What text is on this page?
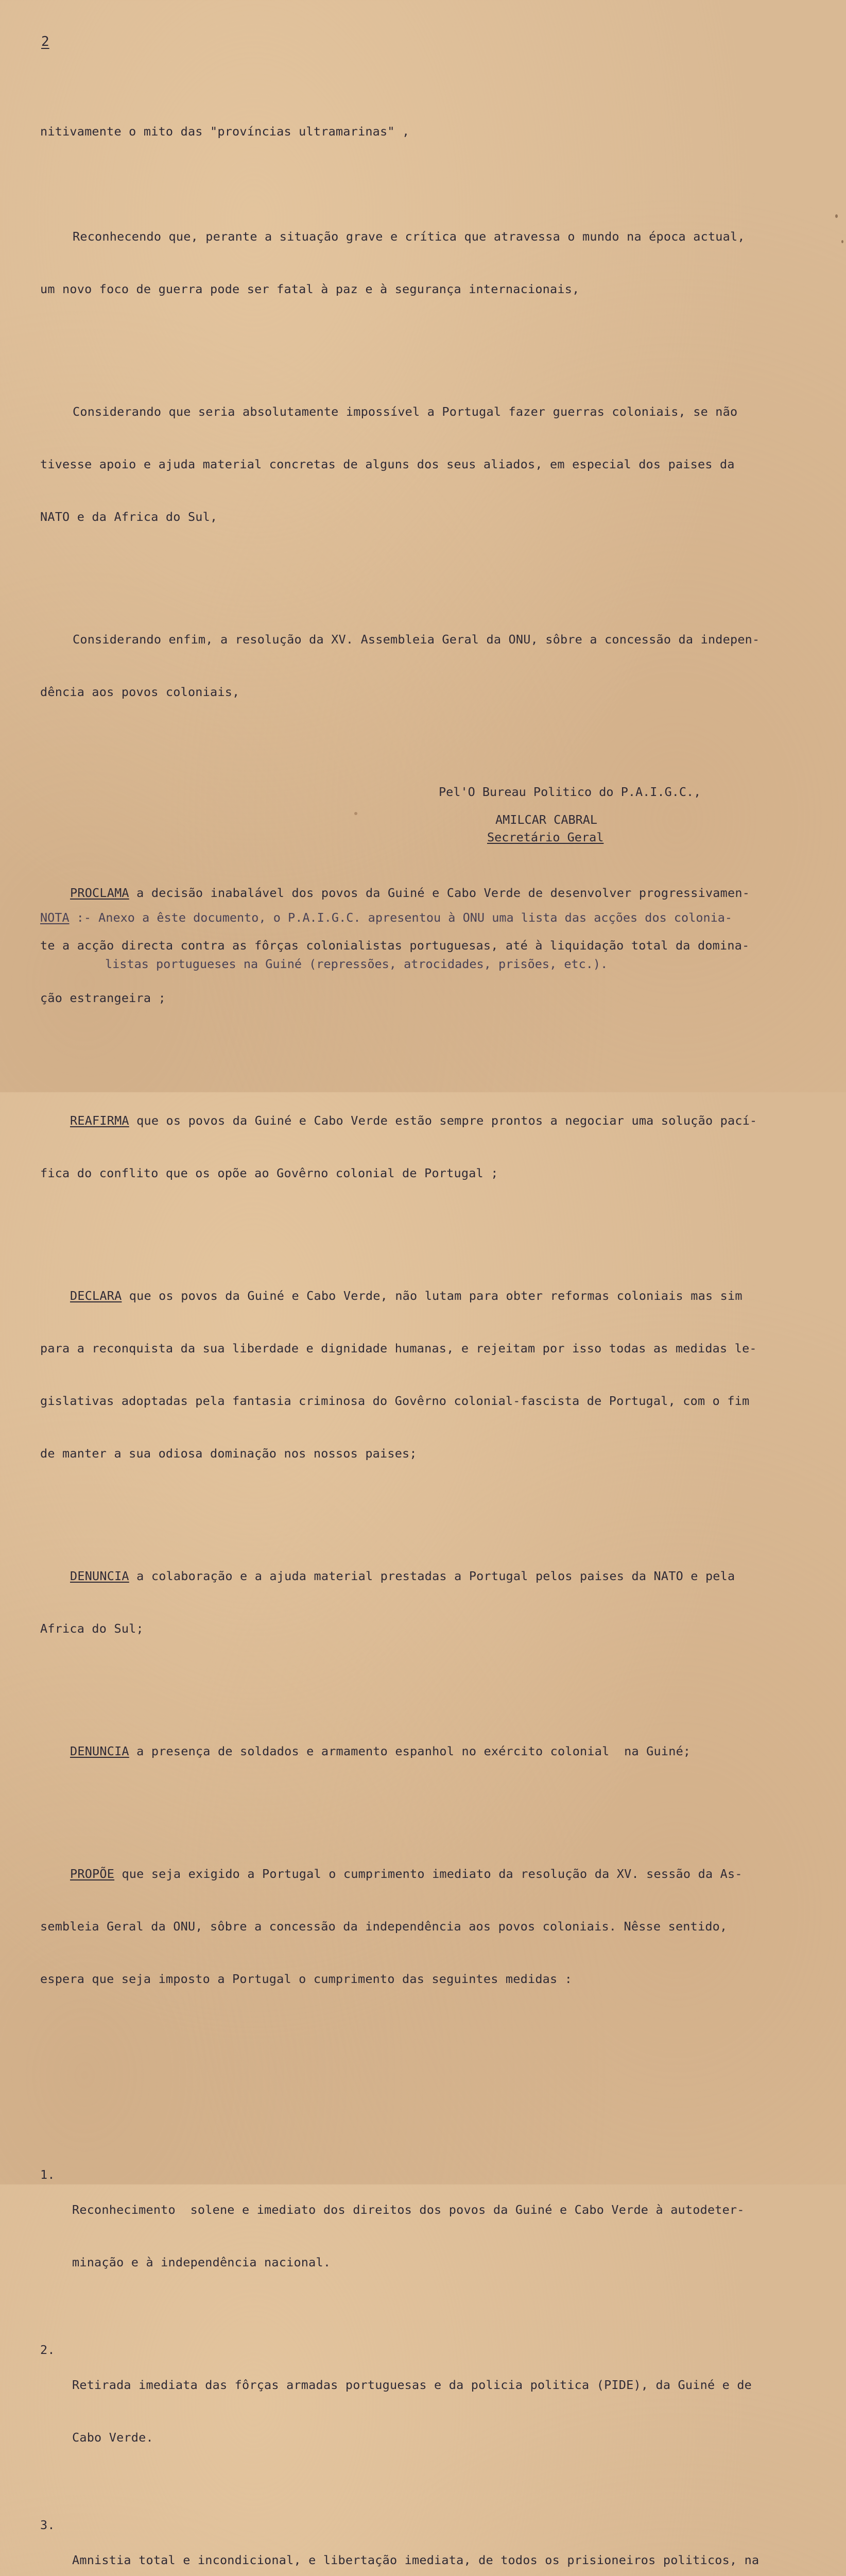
2

nitivamente o mito das "províncias ultramarinas" ,

Reconhecendo que, perante a situação grave e crítica que atravessa o mundo na época actual,

um novo foco de guerra pode ser fatal à paz e à segurança internacionais,

Considerando que seria absolutamente impossível a Portugal fazer guerras coloniais, se não

tivesse apoio e ajuda material concretas de alguns dos seus aliados, em especial dos paises da

NATO e da Africa do Sul,

Considerando enfim, a resolução da XV. Assembleia Geral da ONU, sôbre a concessão da indepen-

dência aos povos coloniais,

PROCLAMA a decisão inabalável dos povos da Guiné e Cabo Verde de desenvolver progressivamen-

te a acção directa contra as fôrças colonialistas portuguesas, até à liquidação total da domina-

ção estrangeira ;

REAFIRMA que os povos da Guiné e Cabo Verde estão sempre prontos a negociar uma solução pací-

fica do conflito que os opõe ao Govêrno colonial de Portugal ;

DECLARA que os povos da Guiné e Cabo Verde, não lutam para obter reformas coloniais mas sim

para a reconquista da sua liberdade e dignidade humanas, e rejeitam por isso todas as medidas le-

gislativas adoptadas pela fantasia criminosa do Govêrno colonial-fascista de Portugal, com o fim

de manter a sua odiosa dominação nos nossos paises;

DENUNCIA a colaboração e a ajuda material prestadas a Portugal pelos paises da NATO e pela

Africa do Sul;

DENUNCIA a presença de soldados e armamento espanhol no exército colonial  na Guiné;

PROPÕE que seja exigido a Portugal o cumprimento imediato da resolução da XV. sessão da As-

sembleia Geral da ONU, sôbre a concessão da independência aos povos coloniais. Nêsse sentido,

espera que seja imposto a Portugal o cumprimento das seguintes medidas :

1.

Reconhecimento  solene e imediato dos direitos dos povos da Guiné e Cabo Verde à autodeter-

minação e à independência nacional.

2.

Retirada imediata das fôrças armadas portuguesas e da policia politica (PIDE), da Guiné e de

Cabo Verde.

3.

Amnistia total e incondicional, e libertação imediata, de todos os prisioneiros politicos, na

Pel'O Bureau Politico do P.A.I.G.C.,
AMILCAR CABRAL
Secretário Geral

NOTA :- Anexo a êste documento, o P.A.I.G.C. apresentou à ONU uma lista das acções dos colonia-

listas portugueses na Guiné (repressões, atrocidades, prisões, etc.).
